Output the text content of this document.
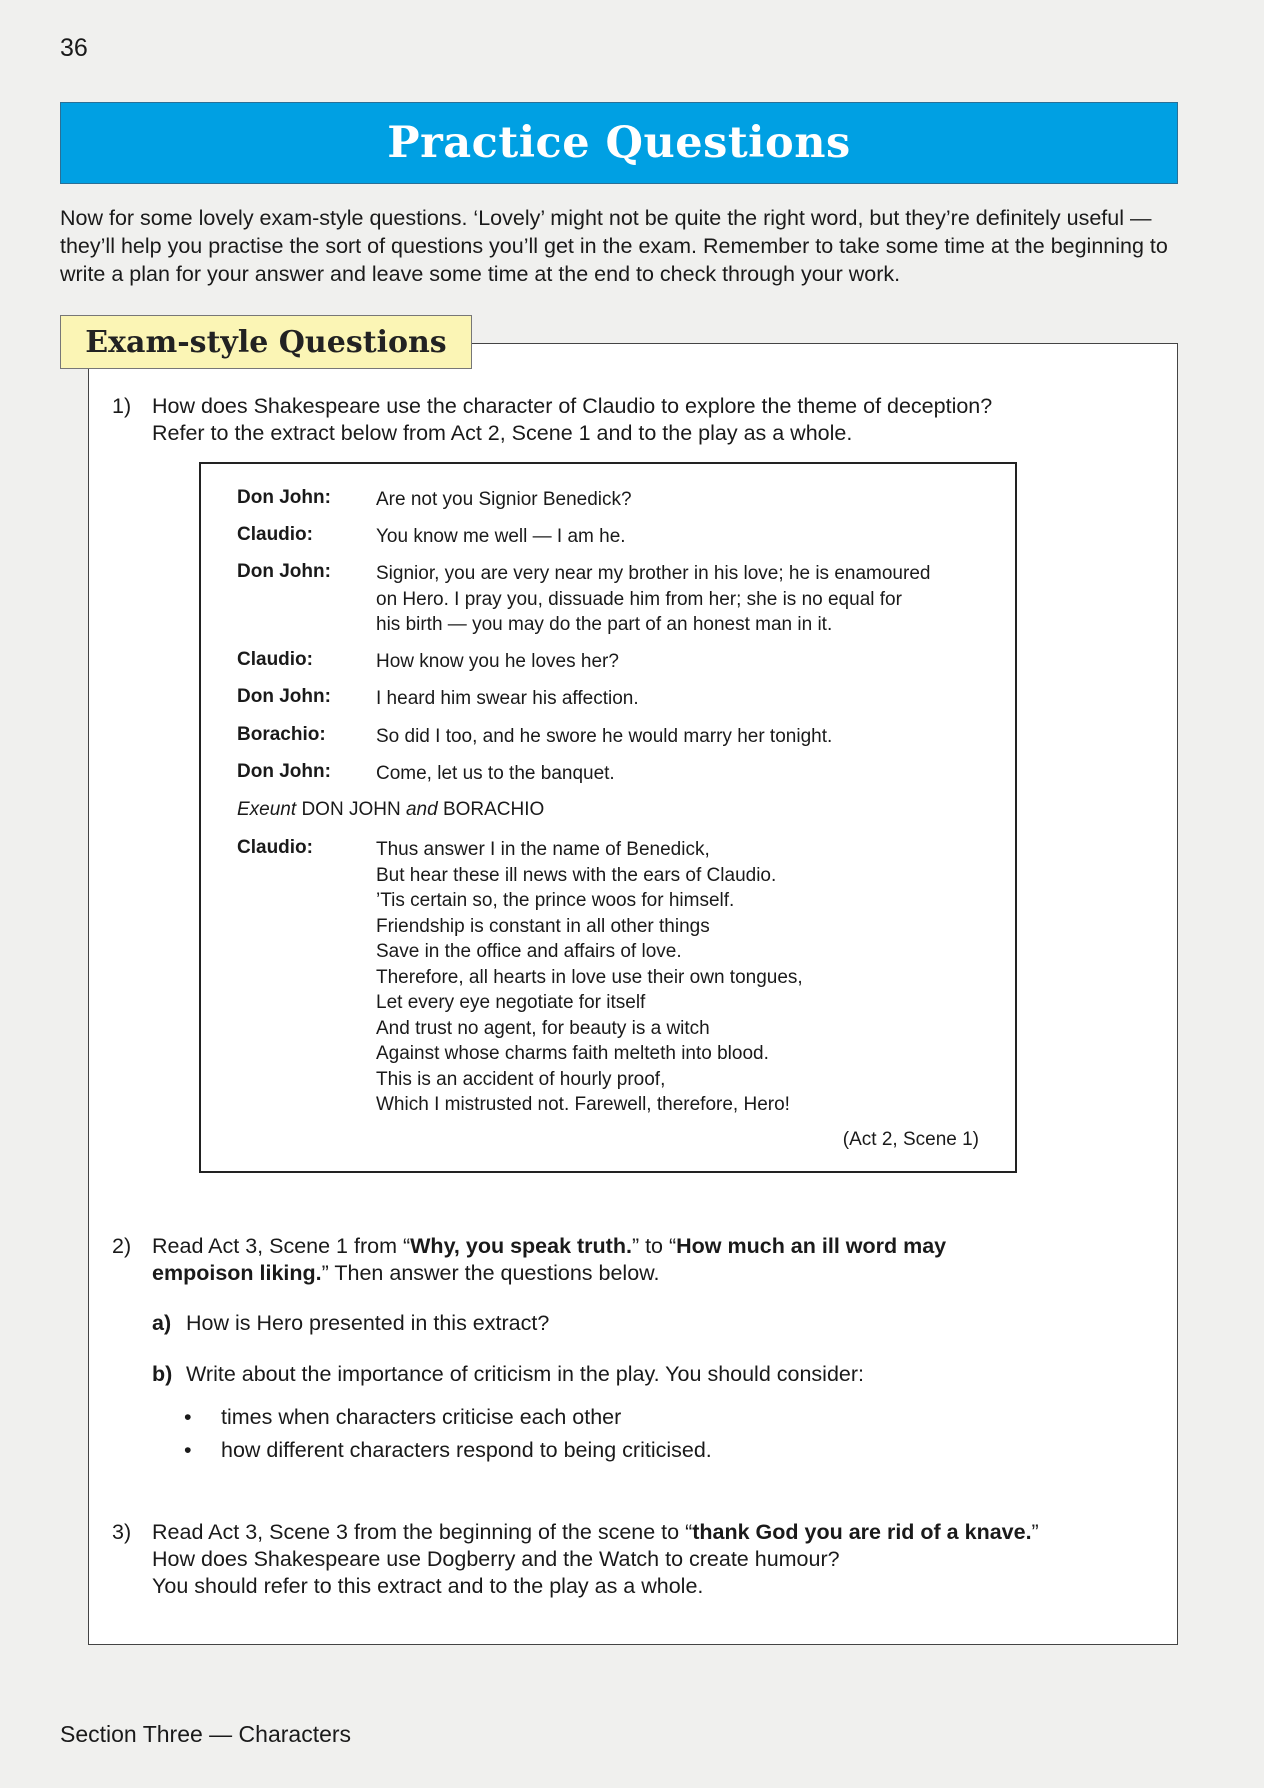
36
Practice Questions

Now for some lovely exam-style questions. ‘Lovely’ might not be quite the right word, but they’re definitely useful — they’ll help you practise the sort of questions you’ll get in the exam. Remember to take some time at the beginning to write a plan for your answer and leave some time at the end to check through your work.

Exam-style Questions
1) How does Shakespeare use the character of Claudio to explore the theme of deception?
Refer to the extract below from Act 2, Scene 1 and to the play as a whole.
Don John: Are not you Signior Benedick?
Claudio:	You know me well — I am he.
Don John: Signior, you are very near my brother in his love; he is enamoured
on Hero. I pray you, dissuade him from her; she is no equal for
his birth — you may do the part of an honest man in it.
Claudio:	How know you he loves her?
Don John: I heard him swear his affection.
Borachio:	So did I too, and he swore he would marry her tonight.
Don John: Come, let us to the banquet.
Exeunt DON JOHN and BORACHIO
Claudio:	Thus answer I in the name of Benedick,
But hear these ill news with the ears of Claudio.
’Tis certain so, the prince woos for himself.
Friendship is constant in all other things
Save in the office and affairs of love.
Therefore, all hearts in love use their own tongues,
Let every eye negotiate for itself
And trust no agent, for beauty is a witch
Against whose charms faith melteth into blood.
This is an accident of hourly proof,
Which I mistrusted not. Farewell, therefore, Hero!
(Act 2, Scene 1)
2) Read Act 3, Scene 1 from “Why, you speak truth.” to “How much an ill word may empoison liking.” Then answer the questions below.
a) How is Hero presented in this extract?
b) Write about the importance of criticism in the play. You should consider:
• times when characters criticise each other
• how different characters respond to being criticised.
3) Read Act 3, Scene 3 from the beginning of the scene to “thank God you are rid of a knave.”
How does Shakespeare use Dogberry and the Watch to create humour?
You should refer to this extract and to the play as a whole.
Section Three — Characters
